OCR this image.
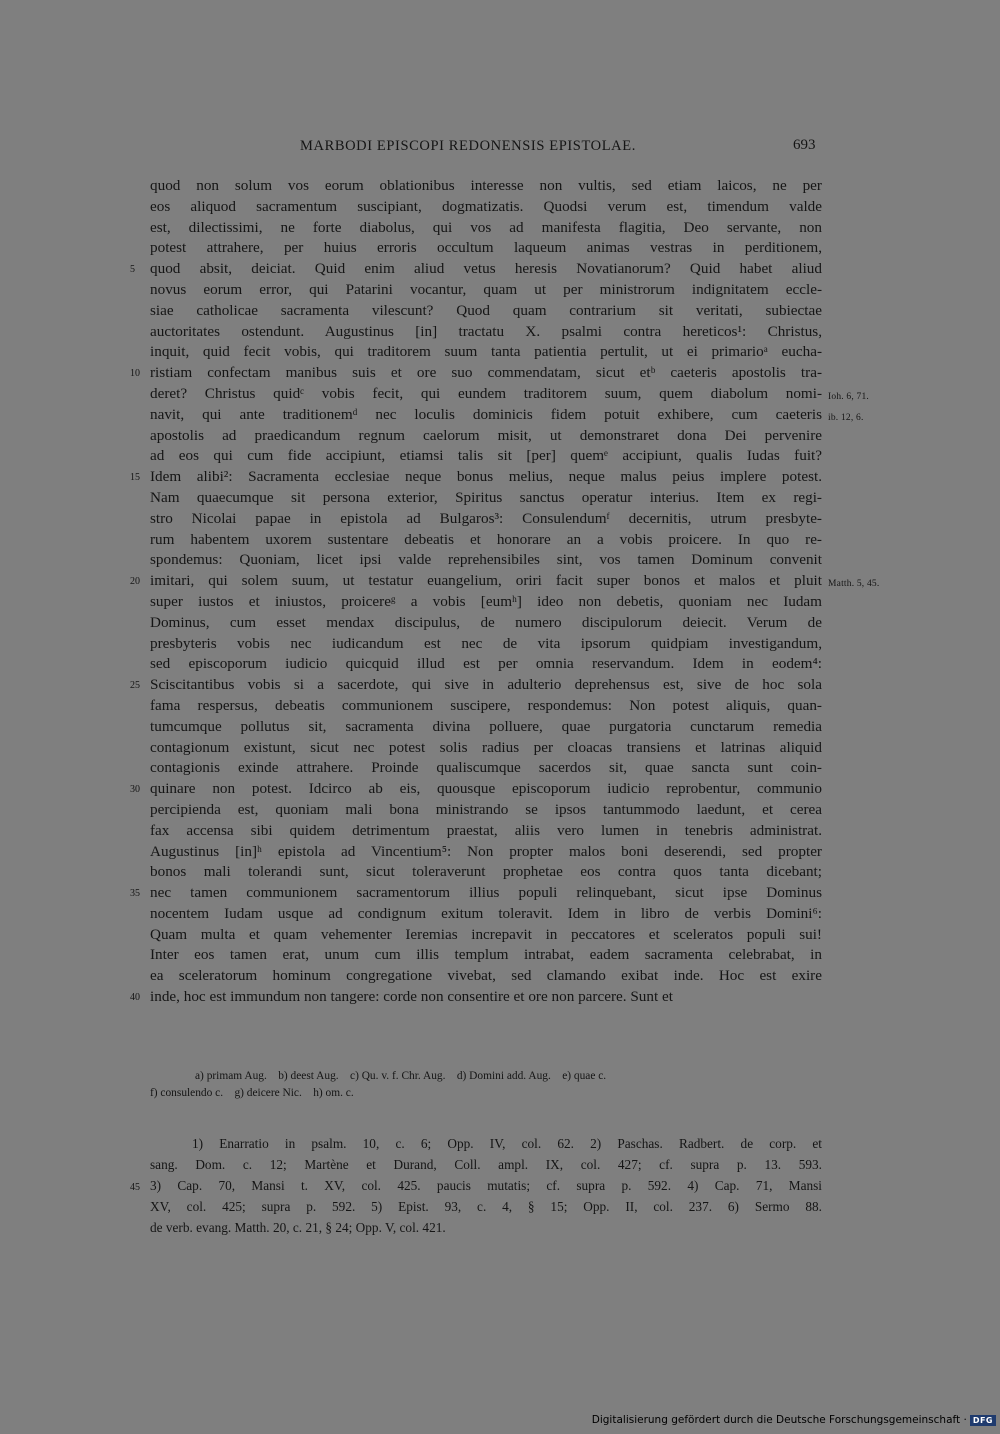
MARBODI EPISCOPI REDONENSIS EPISTOLAE.	693
quod non solum vos eorum oblationibus interesse non vultis, sed etiam laicos, ne per
eos aliquod sacramentum suscipiant, dogmatizatis. Quodsi verum est, timendum valde
est, dilectissimi, ne forte diabolus, qui vos ad manifesta flagitia, Deo servante, non
potest attrahere, per huius erroris occultum laqueum animas vestras in perditionem,
quod absit, deiciat. Quid enim aliud vetus heresis Novatianorum? Quid habet aliud
5
novus eorum error, qui Patarini vocantur, quam ut per ministrorum indignitatem eccle-
siae catholicae sacramenta vilescunt? Quod quam contrarium sit veritati, subiectae
auctoritates ostendunt. Augustinus [in] tractatu X. psalmi contra hereticos¹: Christus,
inquit, quid fecit vobis, qui traditorem suum tanta patientia pertulit, ut ei primarioᵃ eucha-
ristiam confectam manibus suis et ore suo commendatam, sicut etᵇ caeteris apostolis tra-
10
deret? Christus quidᶜ vobis fecit, qui eundem traditorem suum, quem diabolum nomi- Ioh. 6, 71.
navit, qui ante traditionemᵈ nec loculis dominicis fidem potuit exhibere, cum caeteris ib. 12, 6.
apostolis ad praedicandum regnum caelorum misit, ut demonstraret dona Dei pervenire
ad eos qui cum fide accipiunt, etiamsi talis sit [per] quemᵉ accipiunt, qualis Iudas fuit?
Idem alibi²: Sacramenta ecclesiae neque bonus melius, neque malus peius implere potest.
15
Nam quaecumque sit persona exterior, Spiritus sanctus operatur interius. Item ex regi-
stro Nicolai papae in epistola ad Bulgaros³: Consulendumᶠ decernitis, utrum presbyte-
rum habentem uxorem sustentare debeatis et honorare an a vobis proicere. In quo re-
spondemus: Quoniam, licet ipsi valde reprehensibiles sint, vos tamen Dominum convenit
imitari, qui solem suum, ut testatur euangelium, oriri facit super bonos et malos et pluit
20	Matth. 5, 45.
super iustos et iniustos, proicereᵍ a vobis [eumʰ] ideo non debetis, quoniam nec Iudam
Dominus, cum esset mendax discipulus, de numero discipulorum deiecit. Verum de
presbyteris vobis nec iudicandum est nec de vita ipsorum quidpiam investigandum,
sed episcoporum iudicio quicquid illud est per omnia reservandum. Idem in eodem⁴:
Sciscitantibus vobis si a sacerdote, qui sive in adulterio deprehensus est, sive de hoc sola
25
fama respersus, debeatis communionem suscipere, respondemus: Non potest aliquis, quan-
tumcumque pollutus sit, sacramenta divina polluere, quae purgatoria cunctarum remedia
contagionum existunt, sicut nec potest solis radius per cloacas transiens et latrinas aliquid
contagionis exinde attrahere. Proinde qualiscumque sacerdos sit, quae sancta sunt coin-
quinare non potest. Idcirco ab eis, quousque episcoporum iudicio reprobentur, communio
30
percipienda est, quoniam mali bona ministrando se ipsos tantummodo laedunt, et cerea
fax accensa sibi quidem detrimentum praestat, aliis vero lumen in tenebris administrat.
Augustinus [in]ʰ epistola ad Vincentium⁵: Non propter malos boni deserendi, sed propter
bonos mali tolerandi sunt, sicut toleraverunt prophetae eos contra quos tanta dicebant;
nec tamen communionem sacramentorum illius populi relinquebant, sicut ipse Dominus
35
nocentem Iudam usque ad condignum exitum toleravit. Idem in libro de verbis Domini⁶:
Quam multa et quam vehementer Ieremias increpavit in peccatores et sceleratos populi sui!
Inter eos tamen erat, unum cum illis templum intrabat, eadem sacramenta celebrabat, in
ea sceleratorum hominum congregatione vivebat, sed clamando exibat inde. Hoc est exire
inde, hoc est immundum non tangere: corde non consentire et ore non parcere. Sunt et
40
a) primam Aug.    b) deest Aug.    c) Qu. v. f. Chr. Aug.    d) Domini add. Aug.    e) quae c.
f) consulendo c.    g) deicere Nic.    h) om. c.
1) Enarratio in psalm. 10, c. 6; Opp. IV, col. 62. 2) Paschas. Radbert. de corp. et
sang. Dom. c. 12; Martène et Durand, Coll. ampl. IX, col. 427; cf. supra p. 13. 593.
3) Cap. 70, Mansi t. XV, col. 425. paucis mutatis; cf. supra p. 592. 4) Cap. 71, Mansi
45
XV, col. 425; supra p. 592. 5) Epist. 93, c. 4, § 15; Opp. II, col. 237. 6) Sermo 88.
de verb. evang. Matth. 20, c. 21, § 24; Opp. V, col. 421.
Digitalisierung gefördert durch die Deutsche Forschungsgemeinschaft · DFG
